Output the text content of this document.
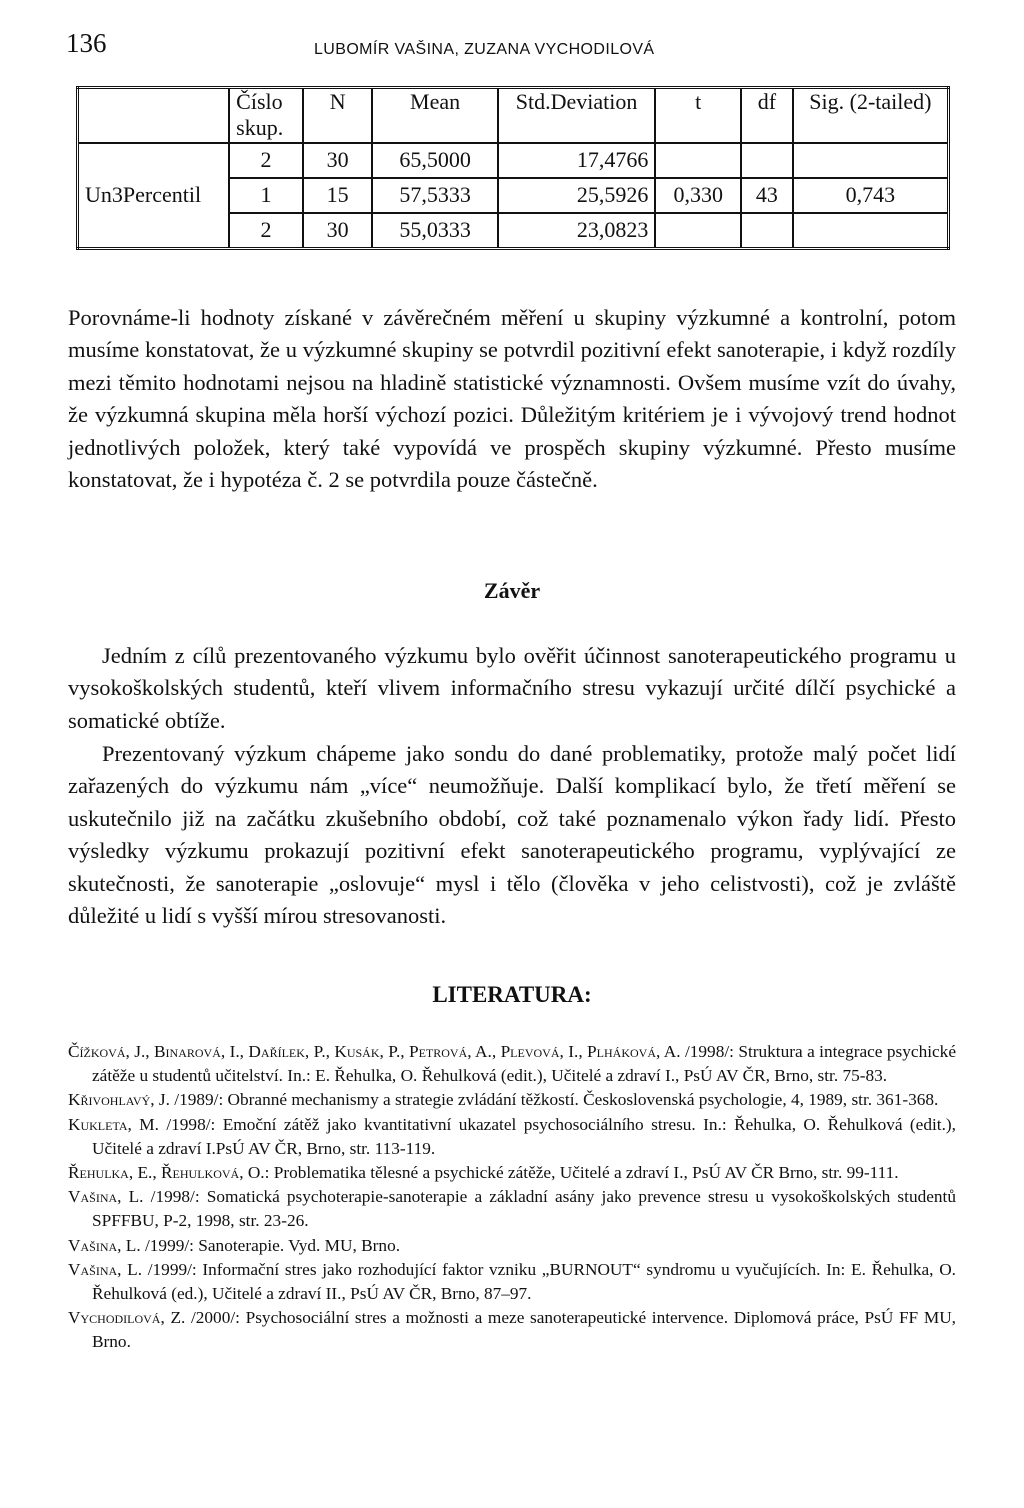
136	LUBOMÍR VAŠINA, ZUZANA VYCHODILOVÁ
	Číslo skup.	N	Mean	Std.Deviation	t	df	Sig. (2-tailed)
Un3Percentil	2	30	65,5000	17,4766			
	1	15	57,5333	25,5926	0,330	43	0,743
	2	30	55,0333	23,0823			

Porovnáme-li hodnoty získané v závěrečném měření u skupiny výzkumné a kontrolní, potom musíme konstatovat, že u výzkumné skupiny se potvrdil pozitivní efekt sanoterapie, i když rozdíly mezi těmito hodnotami nejsou na hladině statistické významnosti. Ovšem musíme vzít do úvahy, že výzkumná skupina měla horší výchozí pozici. Důležitým kritériem je i vývojový trend hodnot jednotlivých položek, který také vypovídá ve prospěch skupiny výzkumné. Přesto musíme konstatovat, že i hypotéza č. 2 se potvrdila pouze částečně.

Závěr

Jedním z cílů prezentovaného výzkumu bylo ověřit účinnost sanoterapeutického programu u vysokoškolských studentů, kteří vlivem informačního stresu vykazují určité dílčí psychické a somatické obtíže.

Prezentovaný výzkum chápeme jako sondu do dané problematiky, protože malý počet lidí zařazených do výzkumu nám „více“ neumožňuje. Další komplikací bylo, že třetí měření se uskutečnilo již na začátku zkušebního období, což také poznamenalo výkon řady lidí. Přesto výsledky výzkumu prokazují pozitivní efekt sanoterapeutického programu, vyplývající ze skutečnosti, že sanoterapie „oslovuje“ mysl i tělo (člověka v jeho celistvosti), což je zvláště důležité u lidí s vyšší mírou stresovanosti.

LITERATURA:
Čížková, J., Binarová, I., Dařílek, P., Kusák, P., Petrová, A., Plevová, I., Plháková, A. /1998/: Struktura a integrace psychické zátěže u studentů učitelství. In.: E. Řehulka, O. Řehulková (edit.), Učitelé a zdraví I., PsÚ AV ČR, Brno, str. 75-83.
Křivohlavý, J. /1989/: Obranné mechanismy a strategie zvládání těžkostí. Československá psychologie, 4, 1989, str. 361-368.
Kukleta, M. /1998/: Emoční zátěž jako kvantitativní ukazatel psychosociálního stresu. In.: Řehulka, O. Řehulková (edit.), Učitelé a zdraví I.PsÚ AV ČR, Brno, str. 113-119.
Řehulka, E., Řehulková, O.: Problematika tělesné a psychické zátěže, Učitelé a zdraví I., PsÚ AV ČR Brno, str. 99-111.
Vašina, L. /1998/: Somatická psychoterapie-sanoterapie a základní asány jako prevence stresu u vysokoškolských studentů SPFFBU, P-2, 1998, str. 23-26.
Vašina, L. /1999/: Sanoterapie. Vyd. MU, Brno.
Vašina, L. /1999/: Informační stres jako rozhodující faktor vzniku „BURNOUT“ syndromu u vyučujících. In: E. Řehulka, O. Řehulková (ed.), Učitelé a zdraví II., PsÚ AV ČR, Brno, 87–97.
Vychodilová, Z. /2000/: Psychosociální stres a možnosti a meze sanoterapeutické intervence. Diplomová práce, PsÚ FF MU, Brno.
